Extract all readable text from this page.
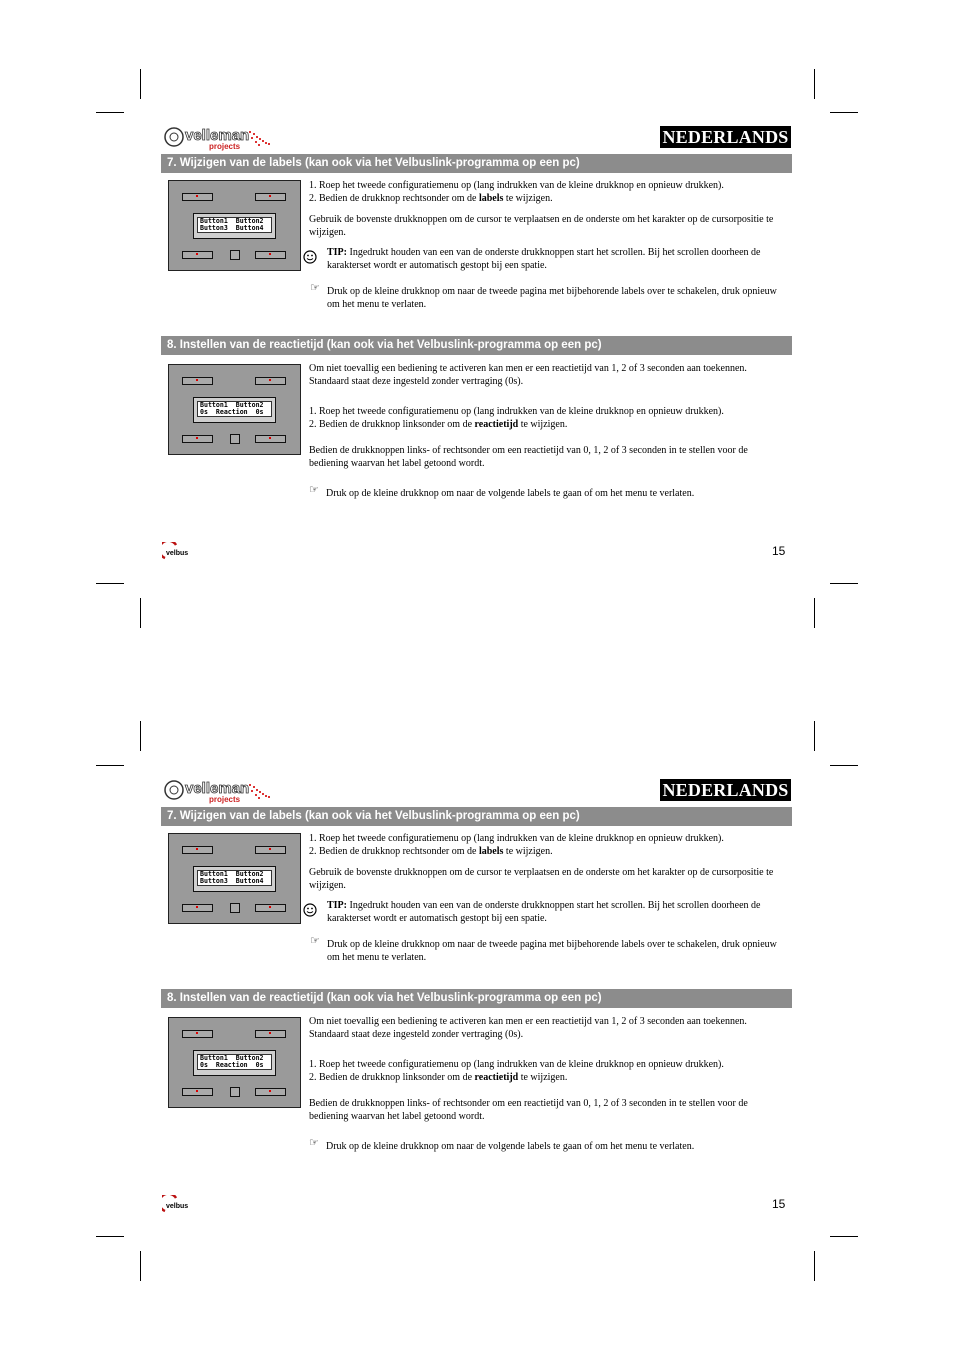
velleman
projects	NEDERLANDS
7. Wijzigen van de labels (kan ook via het Velbuslink-programma op een pc)
Button1  Button2
Button3  Button4
1. Roep het tweede configuratiemenu op (lang indrukken van de kleine drukknop en opnieuw drukken).
2. Bedien de drukknop rechtsonder om de labels te wijzigen.
Gebruik de bovenste drukknoppen om de cursor te verplaatsen en de onderste om het karakter op de cursorpositie te wijzigen.
TIP: Ingedrukt houden van een van de onderste drukknoppen start het scrollen. Bij het scrollen doorheen de karakterset wordt er automatisch gestopt bij een spatie.
☞ Druk op de kleine drukknop om naar de tweede pagina met bijbehorende labels over te schakelen, druk opnieuw om het menu te verlaten.
8. Instellen van de reactietijd (kan ook via het Velbuslink-programma op een pc)
Button1  Button2
0s  Reaction  0s
Om niet toevallig een bediening te activeren kan men er een reactietijd van 1, 2 of 3 seconden aan toekennen. Standaard staat deze ingesteld zonder vertraging (0s).
1. Roep het tweede configuratiemenu op (lang indrukken van de kleine drukknop en opnieuw drukken).
2. Bedien de drukknop linksonder om de reactietijd te wijzigen.
Bedien de drukknoppen links- of rechtsonder om een reactietijd van 0, 1, 2 of 3 seconden in te stellen voor de bediening waarvan het label getoond wordt.
☞ Druk op de kleine drukknop om naar de volgende labels te gaan of om het menu te verlaten.
velbus	15
velleman
projects	NEDERLANDS
7. Wijzigen van de labels (kan ook via het Velbuslink-programma op een pc)
Button1  Button2
Button3  Button4
1. Roep het tweede configuratiemenu op (lang indrukken van de kleine drukknop en opnieuw drukken).
2. Bedien de drukknop rechtsonder om de labels te wijzigen.
Gebruik de bovenste drukknoppen om de cursor te verplaatsen en de onderste om het karakter op de cursorpositie te wijzigen.
TIP: Ingedrukt houden van een van de onderste drukknoppen start het scrollen. Bij het scrollen doorheen de karakterset wordt er automatisch gestopt bij een spatie.
☞ Druk op de kleine drukknop om naar de tweede pagina met bijbehorende labels over te schakelen, druk opnieuw om het menu te verlaten.
8. Instellen van de reactietijd (kan ook via het Velbuslink-programma op een pc)
Button1  Button2
0s  Reaction  0s
Om niet toevallig een bediening te activeren kan men er een reactietijd van 1, 2 of 3 seconden aan toekennen. Standaard staat deze ingesteld zonder vertraging (0s).
1. Roep het tweede configuratiemenu op (lang indrukken van de kleine drukknop en opnieuw drukken).
2. Bedien de drukknop linksonder om de reactietijd te wijzigen.
Bedien de drukknoppen links- of rechtsonder om een reactietijd van 0, 1, 2 of 3 seconden in te stellen voor de bediening waarvan het label getoond wordt.
☞ Druk op de kleine drukknop om naar de volgende labels te gaan of om het menu te verlaten.
velbus	15
